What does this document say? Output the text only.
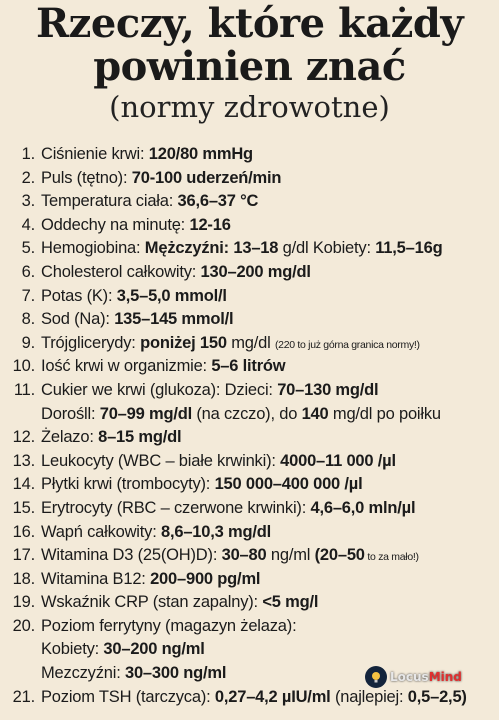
Rzeczy, które każdy
powinien znać
(normy zdrowotne)
1. Ciśnienie krwi: 120/80 mmHg
2. Puls (tętno): 70-100 uderzeń/min
3. Temperatura ciała: 36,6–37 °C
4. Oddechy na minutę: 12-16
5. Hemogiobina: Mężczyźni: 13–18 g/dl Kobiety: 11,5–16g
6. Cholesterol całkowity: 130–200 mg/dl
7. Potas (K): 3,5–5,0 mmol/l
8. Sod (Na): 135–145 mmol/l
9. Trójglicerydy: poniżej 150 mg/dl (220 to już górna granica normy!)
10. Iość krwi w organizmie: 5–6 litrów
11. Cukier we krwi (glukoza): Dzieci: 70–130 mg/dl
Dorośll: 70–99 mg/dl (na czczo), do 140 mg/dl po poiłku
12. Żelazo: 8–15 mg/dl
13. Leukocyty (WBC – białe krwinki): 4000–11 000 /µl
14. Płytki krwi (trombocyty): 150 000–400 000 /µl
15. Erytrocyty (RBC – czerwone krwinki): 4,6–6,0 mln/µl
16. Wapń całkowity: 8,6–10,3 mg/dl
17. Witamina D3 (25(OH)D): 30–80 ng/ml (20–50 to za mało!)
18. Witamina B12: 200–900 pg/ml
19. Wskaźnik CRP (stan zapalny): <5 mg/l
20. Poziom ferrytyny (magazyn żelaza):
Kobiety: 30–200 ng/ml
Mezczyźni: 30–300 ng/ml
21. Poziom TSH (tarczyca): 0,27–4,2 µIU/ml (najlepiej: 0,5–2,5)
LocusMind
